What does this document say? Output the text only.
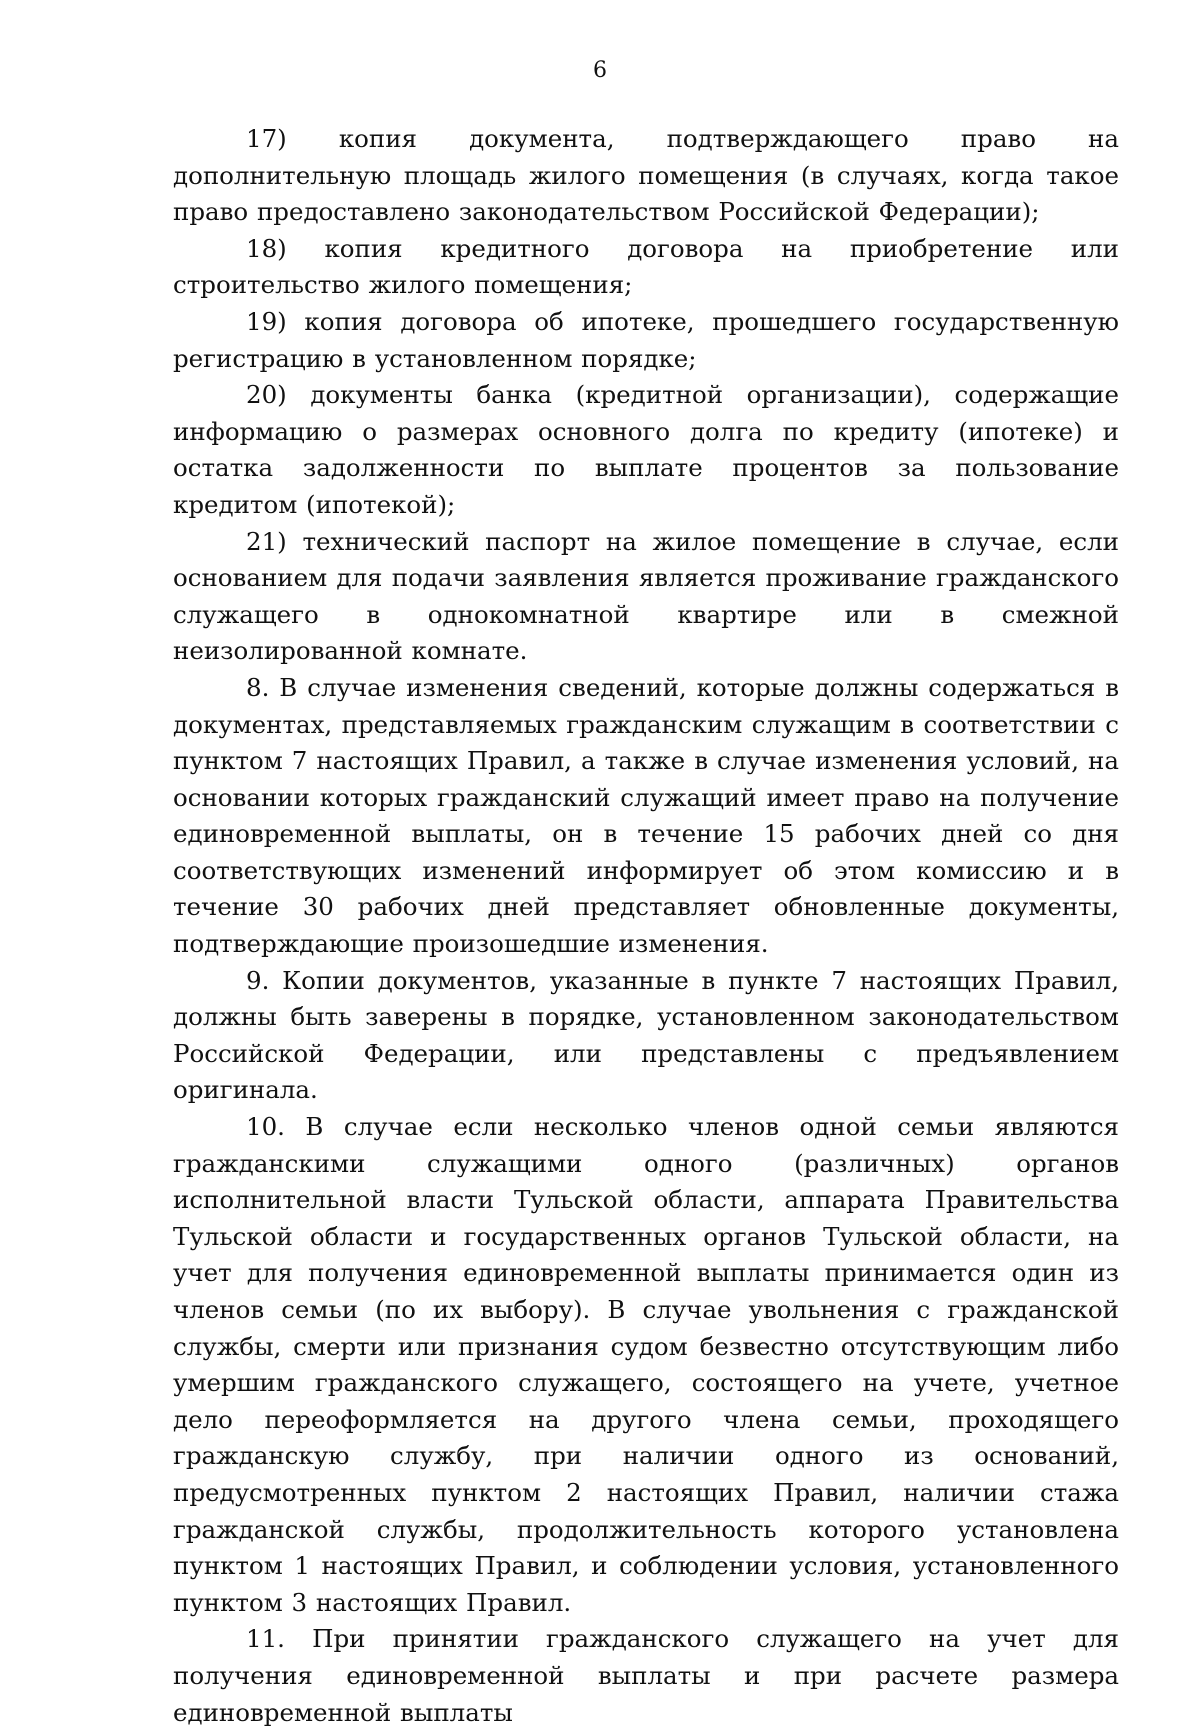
6

17) копия документа, подтверждающего право на дополнительную площадь жилого помещения (в случаях, когда такое право предоставлено законодательством Российской Федерации);

18) копия кредитного договора на приобретение или строительство жилого помещения;

19) копия договора об ипотеке, прошедшего государственную регистрацию в установленном порядке;

20) документы банка (кредитной организации), содержащие информацию о размерах основного долга по кредиту (ипотеке) и остатка задолженности по выплате процентов за пользование кредитом (ипотекой);

21) технический паспорт на жилое помещение в случае, если основанием для подачи заявления является проживание гражданского служащего в однокомнатной квартире или в смежной неизолированной комнате.

8. В случае изменения сведений, которые должны содержаться в документах, представляемых гражданским служащим в соответствии с пунктом 7 настоящих Правил, а также в случае изменения условий, на основании которых гражданский служащий имеет право на получение единовременной выплаты, он в течение 15 рабочих дней со дня соответствующих изменений информирует об этом комиссию и в течение 30 рабочих дней представляет обновленные документы, подтверждающие произошедшие изменения.

9. Копии документов, указанные в пункте 7 настоящих Правил, должны быть заверены в порядке, установленном законодательством Российской Федерации, или представлены с предъявлением оригинала.

10. В случае если несколько членов одной семьи являются гражданскими служащими одного (различных) органов исполнительной власти Тульской области, аппарата Правительства Тульской области и государственных органов Тульской области, на учет для получения единовременной выплаты принимается один из членов семьи (по их выбору). В случае увольнения с гражданской службы, смерти или признания судом безвестно отсутствующим либо умершим гражданского служащего, состоящего на учете, учетное дело переоформляется на другого члена семьи, проходящего гражданскую службу, при наличии одного из оснований, предусмотренных пунктом 2 настоящих Правил, наличии стажа гражданской службы, продолжительность которого установлена пунктом 1 настоящих Правил, и соблюдении условия, установленного пунктом 3 настоящих Правил.

11. При принятии гражданского служащего на учет для получения единовременной выплаты и при расчете размера единовременной выплаты
